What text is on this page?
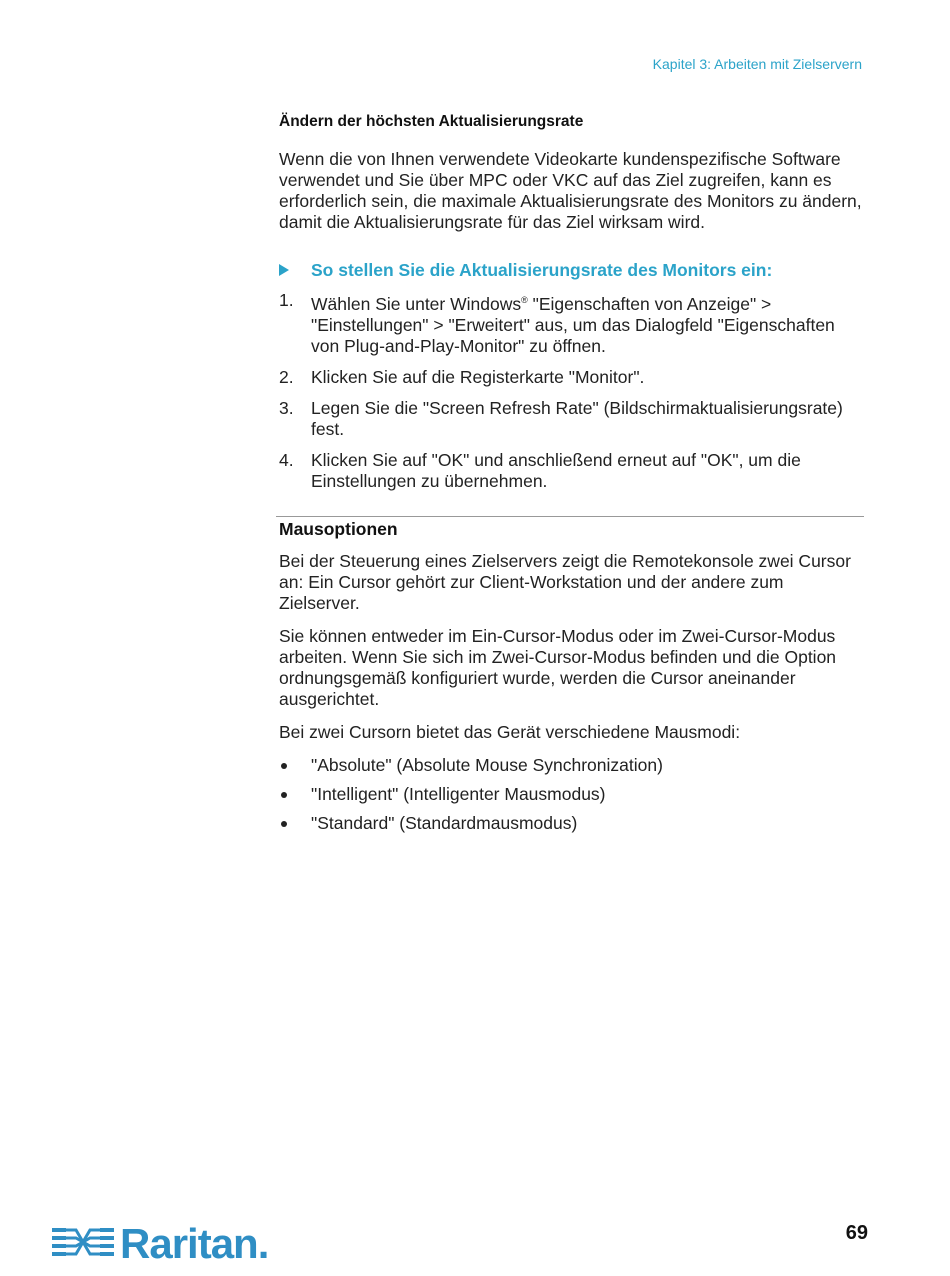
Kapitel 3: Arbeiten mit Zielservern
Ändern der höchsten Aktualisierungsrate

Wenn die von Ihnen verwendete Videokarte kundenspezifische Software verwendet und Sie über MPC oder VKC auf das Ziel zugreifen, kann es erforderlich sein, die maximale Aktualisierungsrate des Monitors zu ändern, damit die Aktualisierungsrate für das Ziel wirksam wird.

So stellen Sie die Aktualisierungsrate des Monitors ein:
1. Wählen Sie unter Windows® "Eigenschaften von Anzeige" > "Einstellungen" > "Erweitert" aus, um das Dialogfeld "Eigenschaften von Plug-and-Play-Monitor" zu öffnen.
2. Klicken Sie auf die Registerkarte "Monitor".
3. Legen Sie die "Screen Refresh Rate" (Bildschirmaktualisierungsrate) fest.
4. Klicken Sie auf "OK" und anschließend erneut auf "OK", um die Einstellungen zu übernehmen.
Mausoptionen

Bei der Steuerung eines Zielservers zeigt die Remotekonsole zwei Cursor an: Ein Cursor gehört zur Client-Workstation und der andere zum Zielserver.

Sie können entweder im Ein-Cursor-Modus oder im Zwei-Cursor-Modus arbeiten. Wenn Sie sich im Zwei-Cursor-Modus befinden und die Option ordnungsgemäß konfiguriert wurde, werden die Cursor aneinander ausgerichtet.

Bei zwei Cursorn bietet das Gerät verschiedene Mausmodi:

"Absolute" (Absolute Mouse Synchronization)
"Intelligent" (Intelligenter Mausmodus)
"Standard" (Standardmausmodus)
Raritan.	69
